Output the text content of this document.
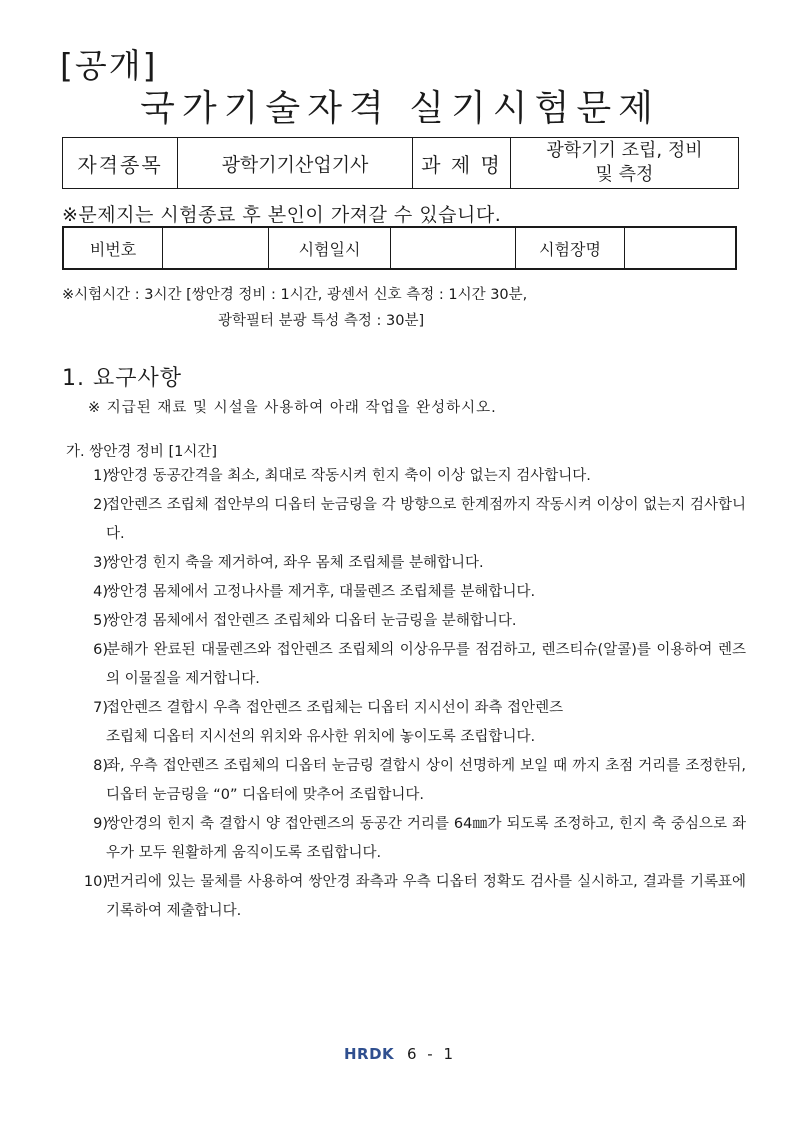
[공개]
국가기술자격 실기시험문제
자격종목	광학기기산업기사	과 제 명	
광학기기 조립, 정비
및 측정
※문제지는 시험종료 후 본인이 가져갈 수 있습니다.
비번호		시험일시		시험장명	
※시험시간 : 3시간 [쌍안경 정비 : 1시간, 광센서 신호 측정 : 1시간 30분,
광학필터 분광 특성 측정 : 30분]
1. 요구사항
※ 지급된 재료 및 시설을 사용하여 아래 작업을 완성하시오.
가. 쌍안경 정비 [1시간]
1)
쌍안경 동공간격을 최소, 최대로 작동시켜 힌지 축이 이상 없는지 검사합니다.
2)
접안렌즈 조립체 접안부의 디옵터 눈금링을 각 방향으로 한계점까지 작동시켜 이상이 없는지 검사합니다.
3)
쌍안경 힌지 축을 제거하여, 좌우 몸체 조립체를 분해합니다.
4)
쌍안경 몸체에서 고정나사를 제거후, 대물렌즈 조립체를 분해합니다.
5)
쌍안경 몸체에서 접안렌즈 조립체와 디옵터 눈금링을 분해합니다.
6)
분해가 완료된 대물렌즈와 접안렌즈 조립체의 이상유무를 점검하고, 렌즈티슈(알콜)를 이용하여 렌즈의 이물질을 제거합니다.
7)
접안렌즈 결합시 우측 접안렌즈 조립체는 디옵터 지시선이 좌측 접안렌즈
조립체 디옵터 지시선의 위치와 유사한 위치에 놓이도록 조립합니다.
8)
좌, 우측 접안렌즈 조립체의 디옵터 눈금링 결합시 상이 선명하게 보일 때 까지 초점 거리를 조정한뒤, 디옵터 눈금링을 “0” 디옵터에 맞추어 조립합니다.
9)
쌍안경의 힌지 축 결합시 양 접안렌즈의 동공간 거리를 64㎜가 되도록 조정하고, 힌지 축 중심으로 좌우가 모두 원활하게 움직이도록 조립합니다.
10)
먼거리에 있는 물체를 사용하여 쌍안경 좌측과 우측 디옵터 정확도 검사를 실시하고, 결과를 기록표에 기록하여 제출합니다.
HRDK 6 - 1
